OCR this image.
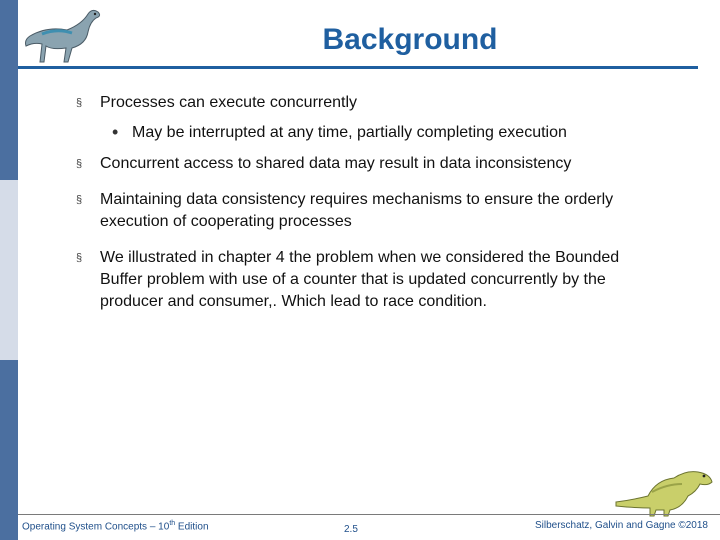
Background
§ Processes can execute concurrently
• May be interrupted at any time, partially completing execution
§ Concurrent access to shared data may result in data inconsistency
§ Maintaining data consistency requires mechanisms to ensure the orderly execution of cooperating processes
§ We illustrated in chapter 4 the problem when we considered the Bounded Buffer problem with use of a counter that is updated concurrently by the producer and consumer,. Which lead to race condition.
Operating System Concepts – 10th Edition	2.5	Silberschatz, Galvin and Gagne ©2018
